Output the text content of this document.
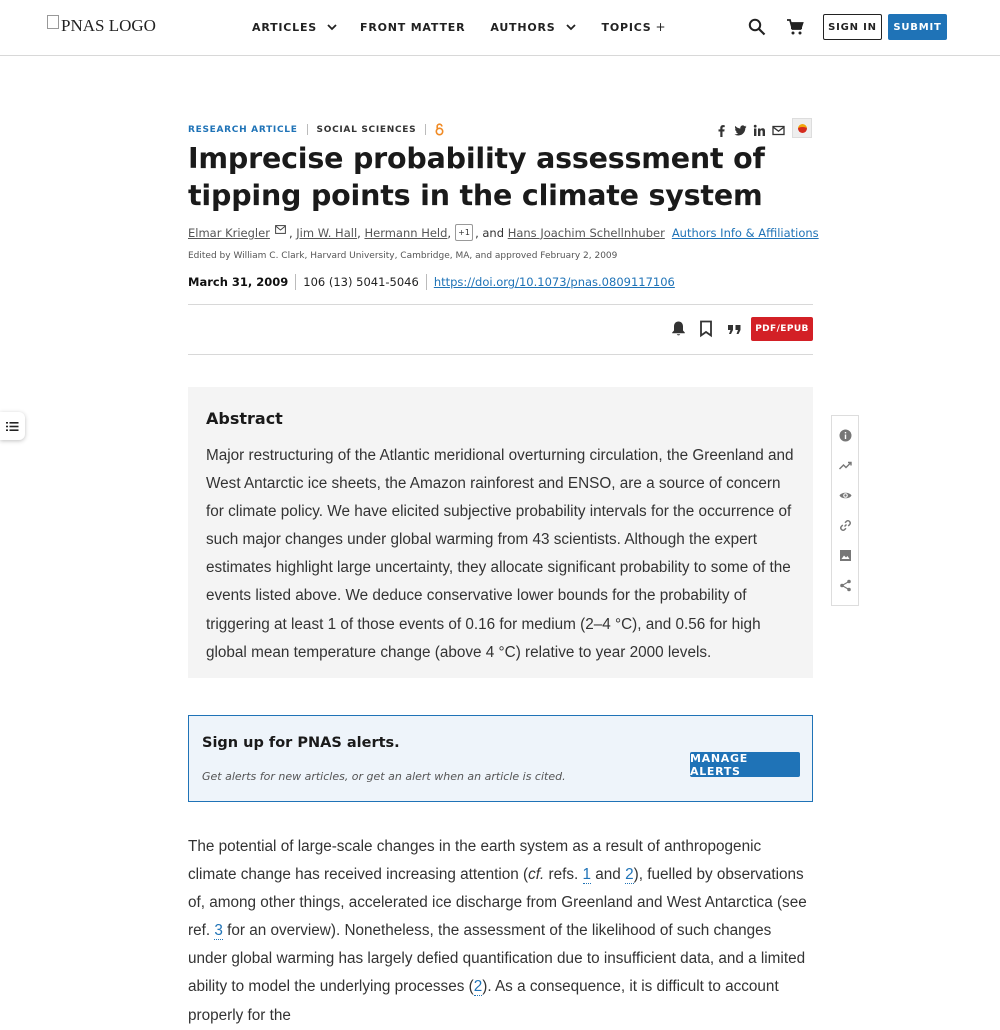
PNAS LOGO	ARTICLES	FRONT MATTER AUTHORS	TOPICS +	SIGN IN	SUBMIT
RESEARCH ARTICLE SOCIAL SCIENCES
Imprecise probability assessment of tipping points in the climate system
Elmar Kriegler ,
Jim W. Hall ,
Hermann Held , +1 , and
Hans Joachim Schellnhuber Authors Info & Affiliations
Edited by William C. Clark, Harvard University, Cambridge, MA, and approved February 2, 2009
March 31, 2009 106 (13) 5041-5046 https://doi.org/10.1073/pnas.0809117106
PDF/EPUB
Abstract

Major restructuring of the Atlantic meridional overturning circulation, the Greenland and West Antarctic ice sheets, the Amazon rainforest and ENSO, are a source of concern for climate policy. We have elicited subjective probability intervals for the occurrence of such major changes under global warming from 43 scientists. Although the expert estimates highlight large uncertainty, they allocate significant probability to some of the events listed above. We deduce conservative lower bounds for the probability of triggering at least 1 of those events of 0.16 for medium (2–4 °C), and 0.56 for high global mean temperature change (above 4 °C) relative to year 2000 levels.

Sign up for PNAS alerts.
Get alerts for new articles, or get an alert when an article is cited.
MANAGE ALERTS
The potential of large-scale changes in the earth system as a result of anthropogenic climate change has received increasing attention (cf. refs. 1 and 2), fuelled by observations of, among other things, accelerated ice discharge from Greenland and West Antarctica (see ref. 3 for an overview). Nonetheless, the assessment of the likelihood of such changes under global warming has largely defied quantification due to insufficient data, and a limited ability to model the underlying processes (2). As a consequence, it is difficult to account properly for the
